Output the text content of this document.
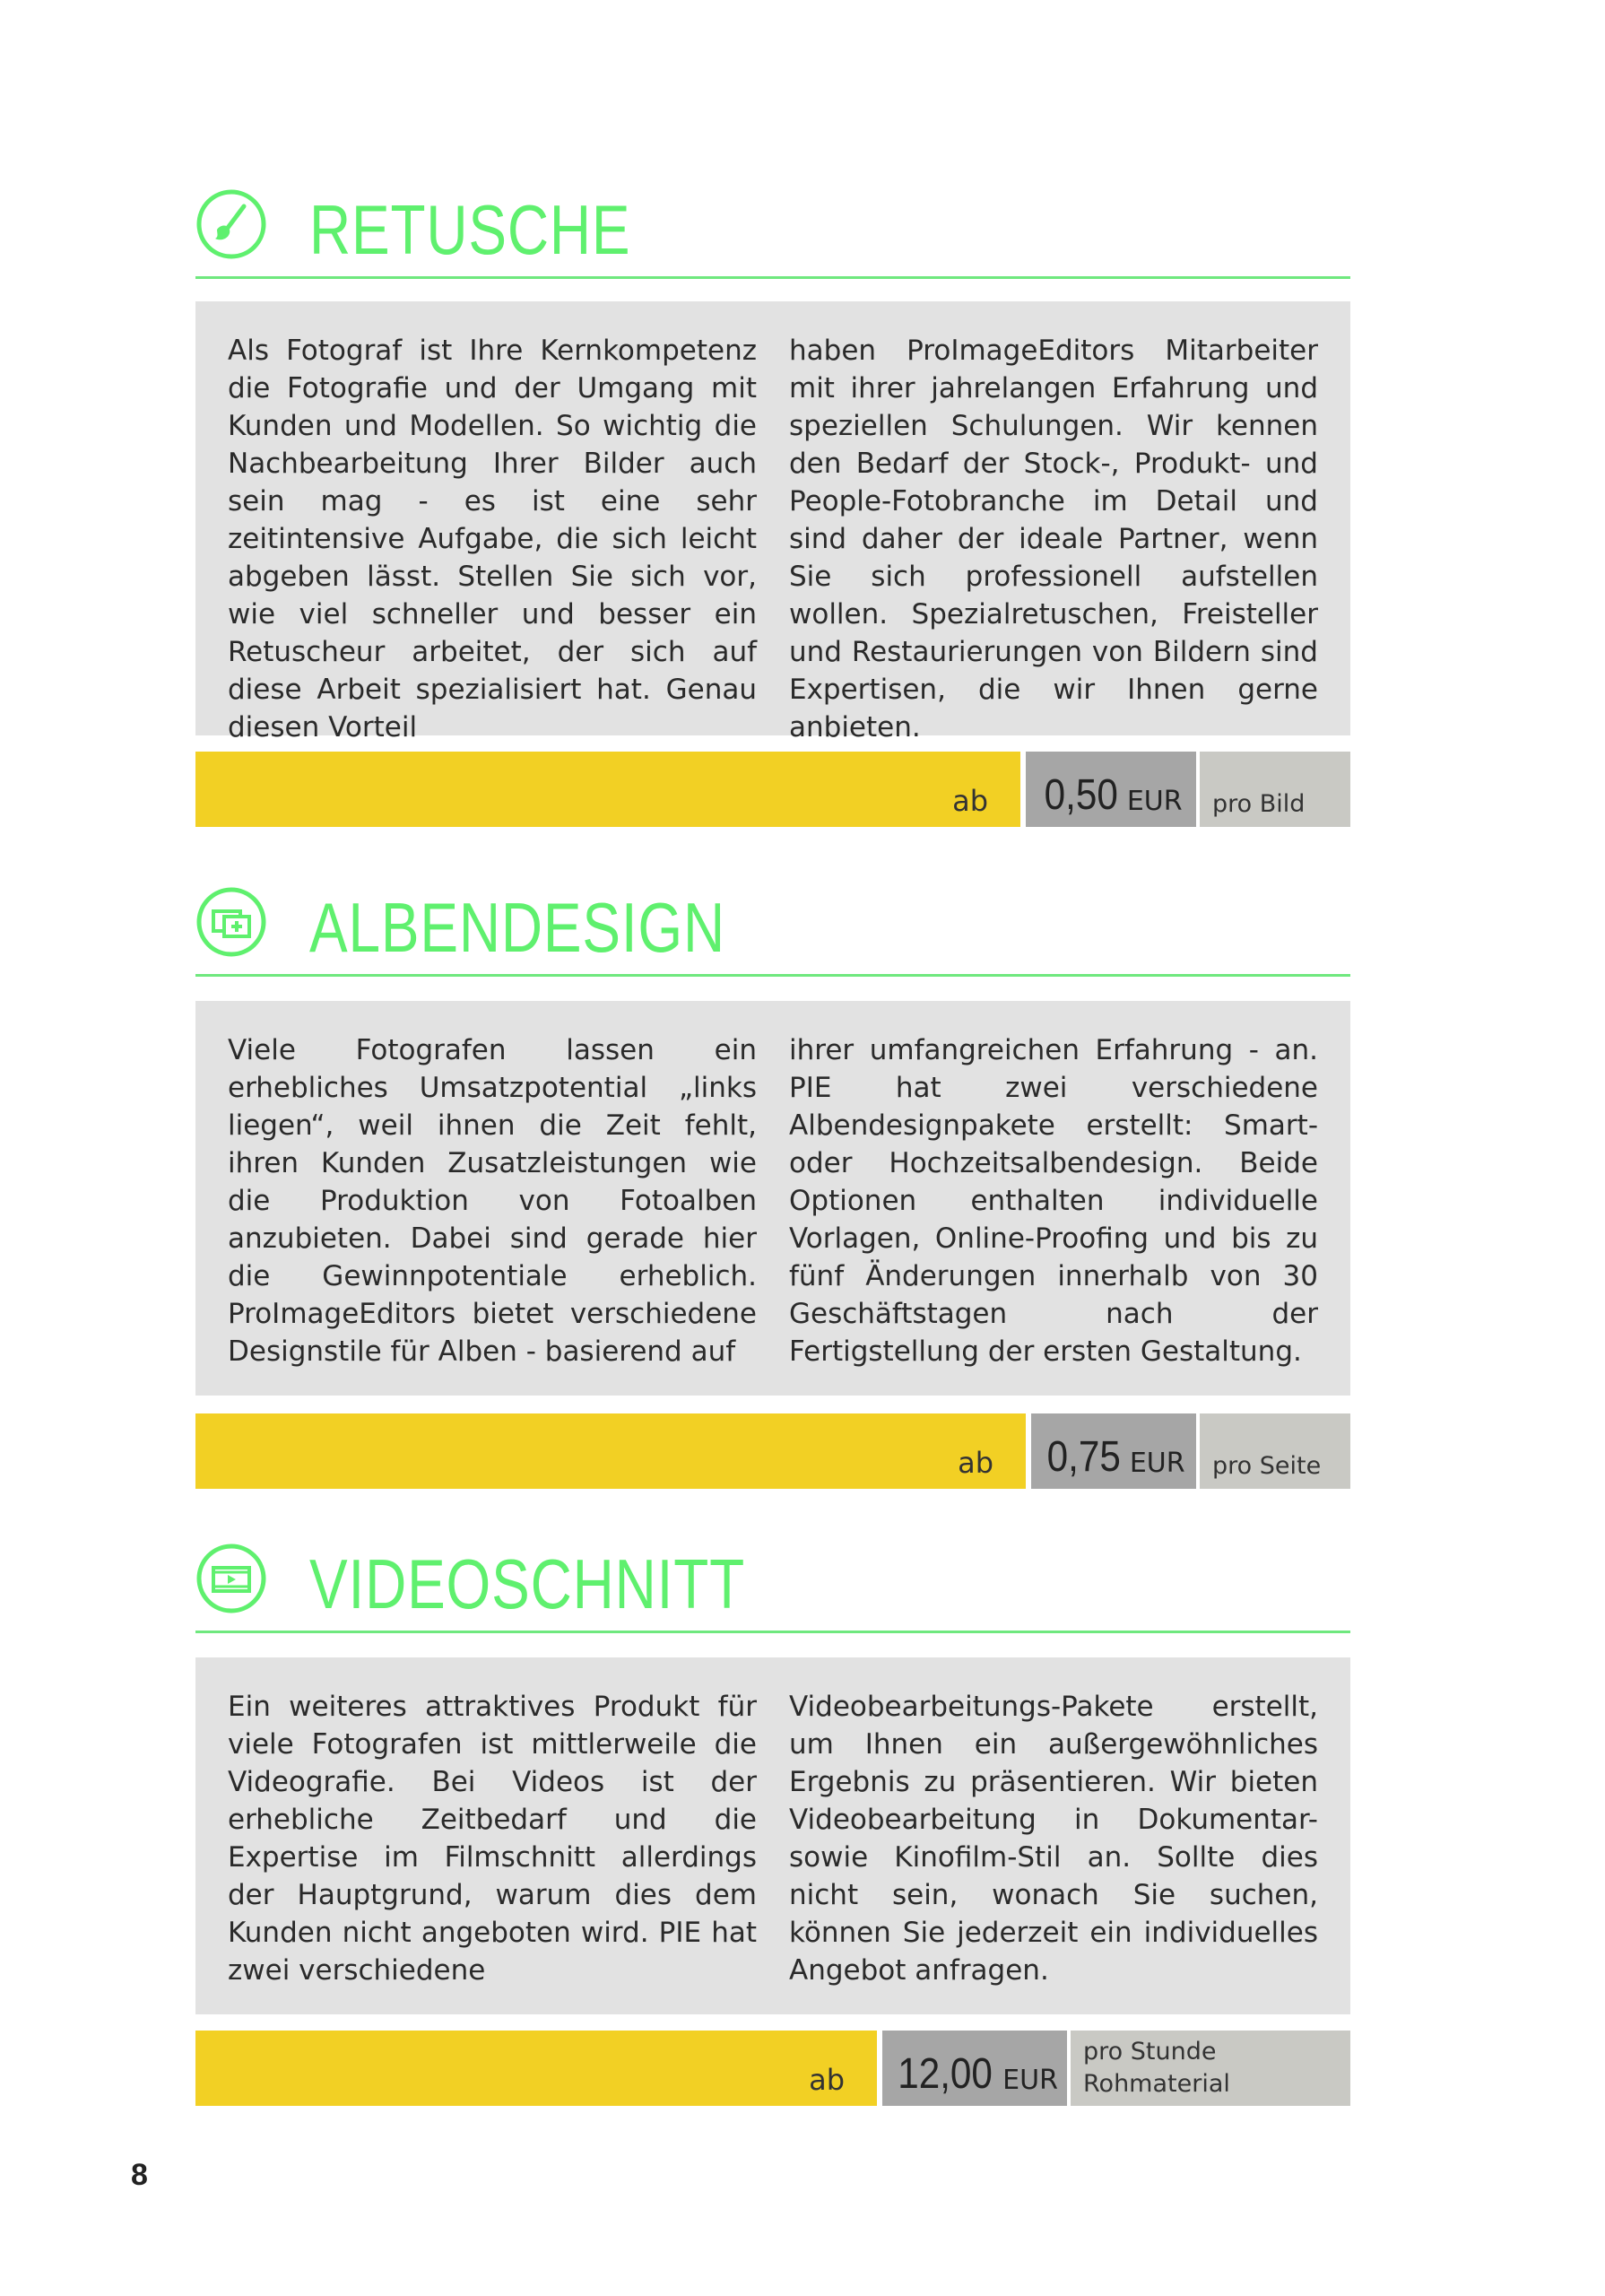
RETUSCHE
Als Fotograf ist Ihre Kernkompetenz die Fotografie und der Umgang mit Kunden und Modellen. So wichtig die Nachbearbeitung Ihrer Bilder auch sein mag - es ist eine sehr zeitintensive Aufgabe, die sich leicht abgeben lässt. Stellen Sie sich vor, wie viel schneller und besser ein Retuscheur arbeitet, der sich auf diese Arbeit spezialisiert hat. Genau diesen Vorteil
haben ProImageEditors Mitarbeiter mit ihrer jahrelangen Erfahrung und speziellen Schulungen. Wir kennen den Bedarf der Stock-, Produkt- und People-Fotobranche im Detail und sind daher der ideale Partner, wenn Sie sich professionell aufstellen wollen. Spezialretuschen, Freisteller und Restaurierungen von Bildern sind Expertisen, die wir Ihnen gerne anbieten.
ab 0,50 EUR pro Bild
ALBENDESIGN
Viele Fotografen lassen ein erhebliches Umsatzpotential „links liegen“, weil ihnen die Zeit fehlt, ihren Kunden Zusatzleistungen wie die Produktion von Fotoalben anzubieten. Dabei sind gerade hier die Gewinnpotentiale erheblich. ProImageEditors bietet verschiedene Designstile für Alben - basierend auf
ihrer umfangreichen Erfahrung - an. PIE hat zwei verschiedene Albendesignpakete erstellt: Smart- oder Hochzeitsalbendesign. Beide Optionen enthalten individuelle Vorlagen, Online-Proofing und bis zu fünf Änderungen innerhalb von 30 Geschäftstagen nach der Fertigstellung der ersten Gestaltung.
ab 0,75 EUR pro Seite
VIDEOSCHNITT
Ein weiteres attraktives Produkt für viele Fotografen ist mittlerweile die Videografie. Bei Videos ist der erhebliche Zeitbedarf und die Expertise im Filmschnitt allerdings der Hauptgrund, warum dies dem Kunden nicht angeboten wird. PIE hat zwei verschiedene
Videobearbeitungs-Pakete erstellt, um Ihnen ein außergewöhnliches Ergebnis zu präsentieren. Wir bieten Videobearbeitung in Dokumentar- sowie Kinofilm-Stil an. Sollte dies nicht sein, wonach Sie suchen, können Sie jederzeit ein individuelles Angebot anfragen.
ab 12,00 EUR
pro Stunde
Rohmaterial
8
